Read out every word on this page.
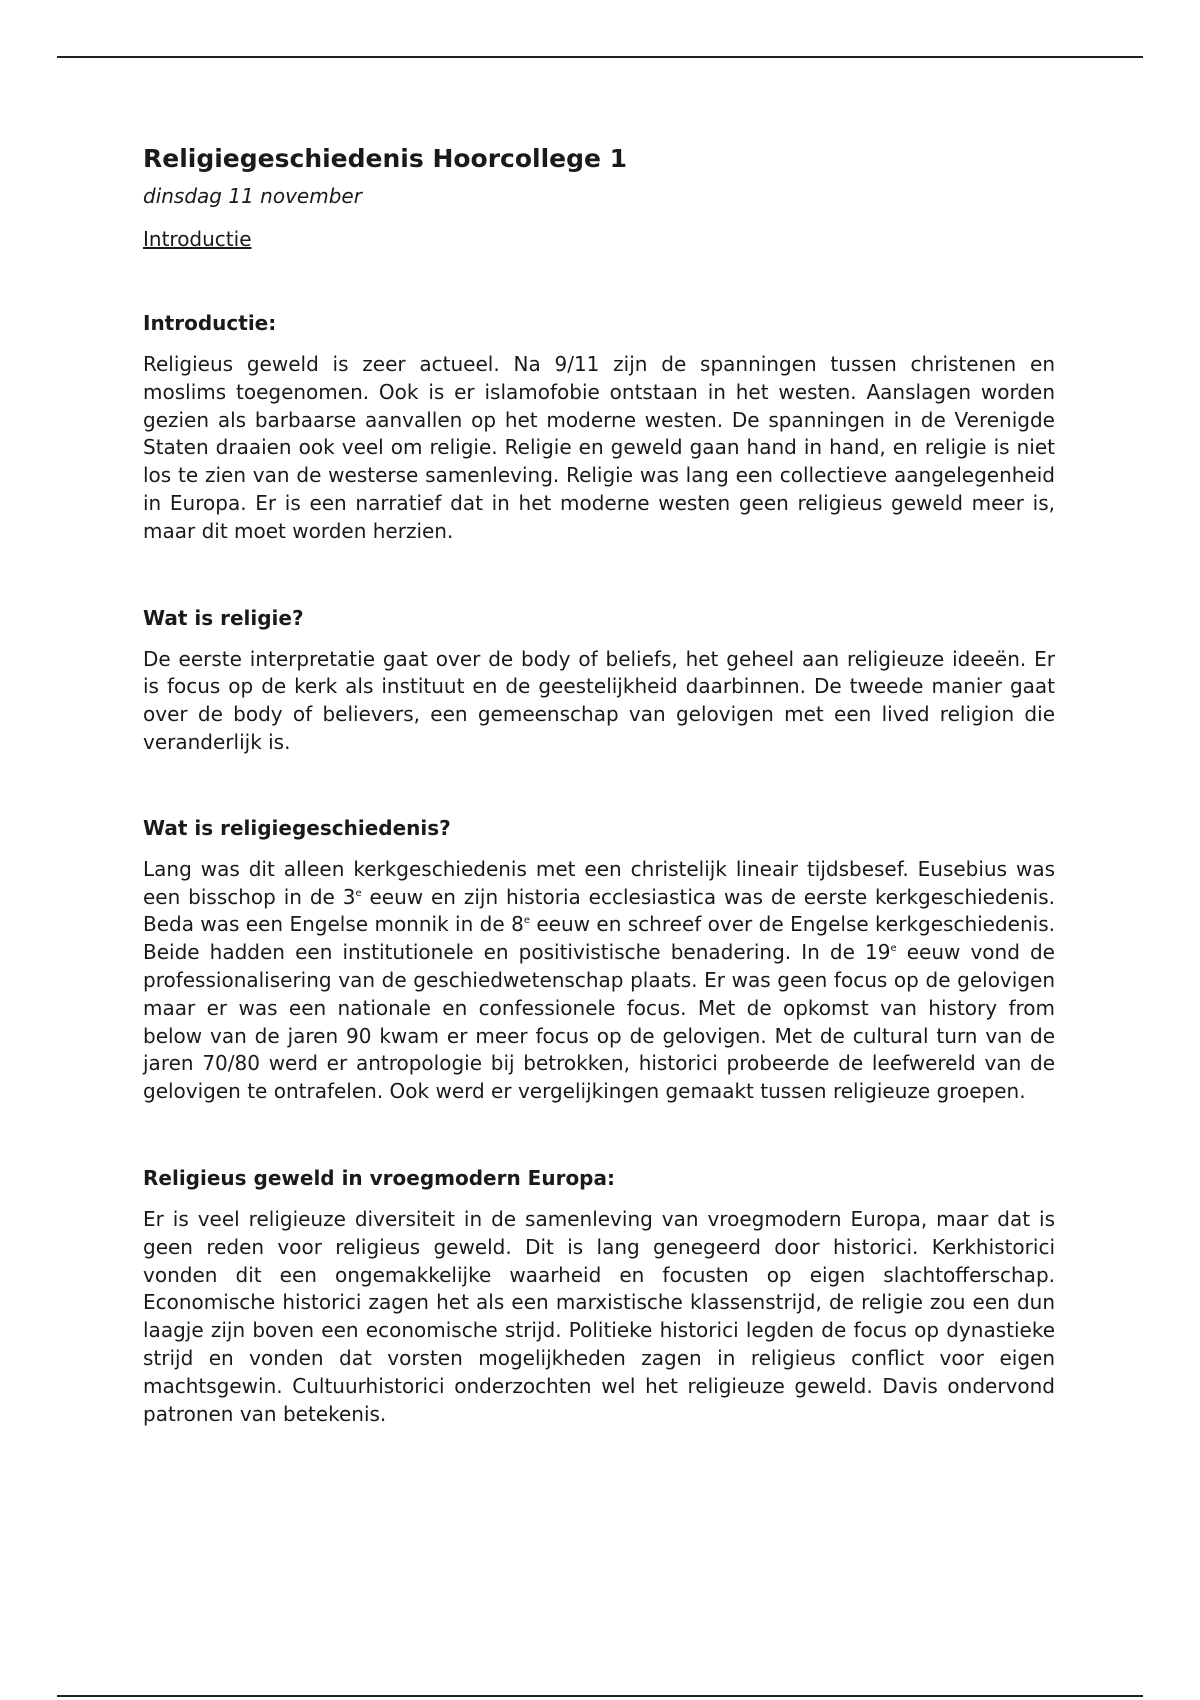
Religiegeschiedenis Hoorcollege 1

dinsdag 11 november

Introductie
Introductie:

Religieus geweld is zeer actueel. Na 9/11 zijn de spanningen tussen christenen en moslims toegenomen. Ook is er islamofobie ontstaan in het westen. Aanslagen worden gezien als barbaarse aanvallen op het moderne westen. De spanningen in de Verenigde Staten draaien ook veel om religie. Religie en geweld gaan hand in hand, en religie is niet los te zien van de westerse samenleving. Religie was lang een collectieve aangelegenheid in Europa. Er is een narratief dat in het moderne westen geen religieus geweld meer is, maar dit moet worden herzien.

Wat is religie?

De eerste interpretatie gaat over de body of beliefs, het geheel aan religieuze ideeën. Er is focus op de kerk als instituut en de geestelijkheid daarbinnen. De tweede manier gaat over de body of believers, een gemeenschap van gelovigen met een lived religion die veranderlijk is.

Wat is religiegeschiedenis?

Lang was dit alleen kerkgeschiedenis met een christelijk lineair tijdsbesef. Eusebius was een bisschop in de 3e eeuw en zijn historia ecclesiastica was de eerste kerkgeschiedenis. Beda was een Engelse monnik in de 8e eeuw en schreef over de Engelse kerkgeschiedenis. Beide hadden een institutionele en positivistische benadering. In de 19e eeuw vond de professionalisering van de geschiedwetenschap plaats. Er was geen focus op de gelovigen maar er was een nationale en confessionele focus. Met de opkomst van history from below van de jaren 90 kwam er meer focus op de gelovigen. Met de cultural turn van de jaren 70/80 werd er antropologie bij betrokken, historici probeerde de leefwereld van de gelovigen te ontrafelen. Ook werd er vergelijkingen gemaakt tussen religieuze groepen.

Religieus geweld in vroegmodern Europa:

Er is veel religieuze diversiteit in de samenleving van vroegmodern Europa, maar dat is geen reden voor religieus geweld. Dit is lang genegeerd door historici. Kerkhistorici vonden dit een ongemakkelijke waarheid en focusten op eigen slachtofferschap. Economische historici zagen het als een marxistische klassenstrijd, de religie zou een dun laagje zijn boven een economische strijd. Politieke historici legden de focus op dynastieke strijd en vonden dat vorsten mogelijkheden zagen in religieus conflict voor eigen machtsgewin. Cultuurhistorici onderzochten wel het religieuze geweld. Davis ondervond patronen van betekenis.
